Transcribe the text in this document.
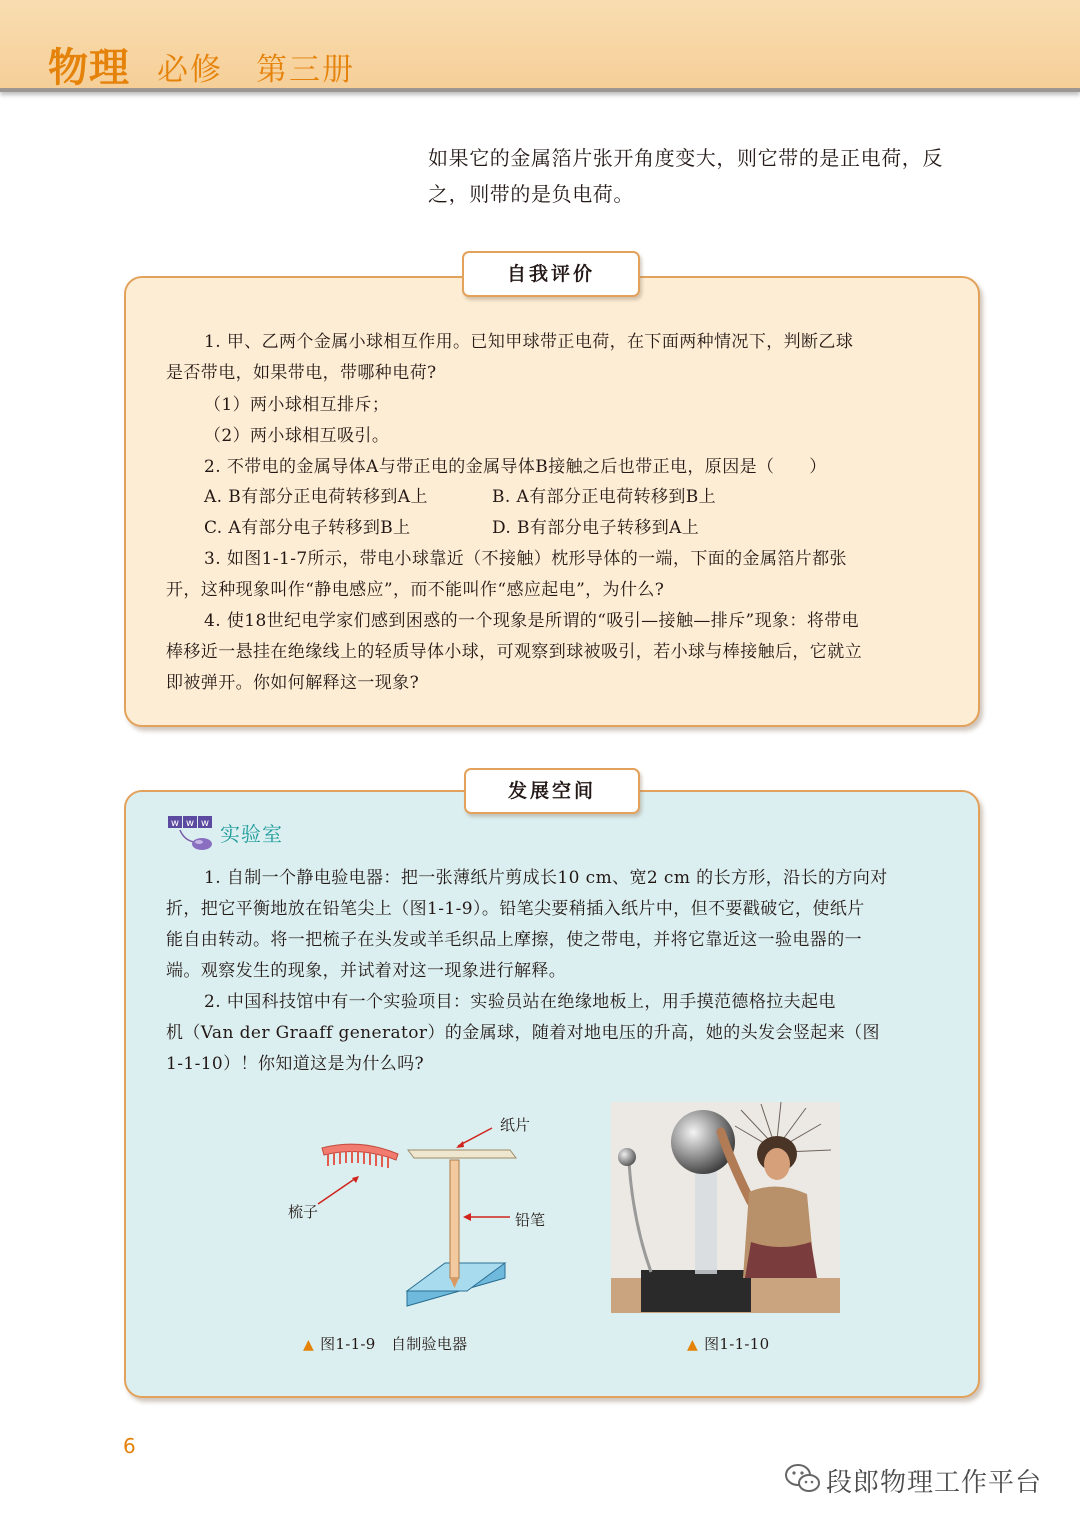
物理 必修　第三册
如果它的金属箔片张开角度变大，则它带的是正电荷，反
之，则带的是负电荷。
自我评价

1. 甲、乙两个金属小球相互作用。已知甲球带正电荷，在下面两种情况下，判断乙球

是否带电，如果带电，带哪种电荷?

（1）两小球相互排斥；

（2）两小球相互吸引。

2. 不带电的金属导体A与带正电的金属导体B接触之后也带正电，原因是（　　）

A. B有部分正电荷转移到A上	B. A有部分正电荷转移到B上

C. A有部分电子转移到B上	D. B有部分电子转移到A上

3. 如图1-1-7所示，带电小球靠近（不接触）枕形导体的一端，下面的金属箔片都张

开，这种现象叫作“静电感应”，而不能叫作“感应起电”，为什么?

4. 使18世纪电学家们感到困惑的一个现象是所谓的“吸引—接触—排斥”现象：将带电

棒移近一悬挂在绝缘线上的轻质导体小球，可观察到球被吸引，若小球与棒接触后，它就立

即被弹开。你如何解释这一现象?

发展空间
w w w 实验室

1. 自制一个静电验电器：把一张薄纸片剪成长10 cm、宽2 cm 的长方形，沿长的方向对

折，把它平衡地放在铅笔尖上（图1-1-9）。铅笔尖要稍插入纸片中，但不要戳破它，使纸片

能自由转动。将一把梳子在头发或羊毛织品上摩擦，使之带电，并将它靠近这一验电器的一

端。观察发生的现象，并试着对这一现象进行解释。

2. 中国科技馆中有一个实验项目：实验员站在绝缘地板上，用手摸范德格拉夫起电

机（Van der Graaff generator）的金属球，随着对地电压的升高，她的头发会竖起来（图

1-1-10）！你知道这是为什么吗?

纸片
梳子	铅笔
▲ 图1-1-9　自制验电器	▲ 图1-1-10
6
段郎物理工作平台
